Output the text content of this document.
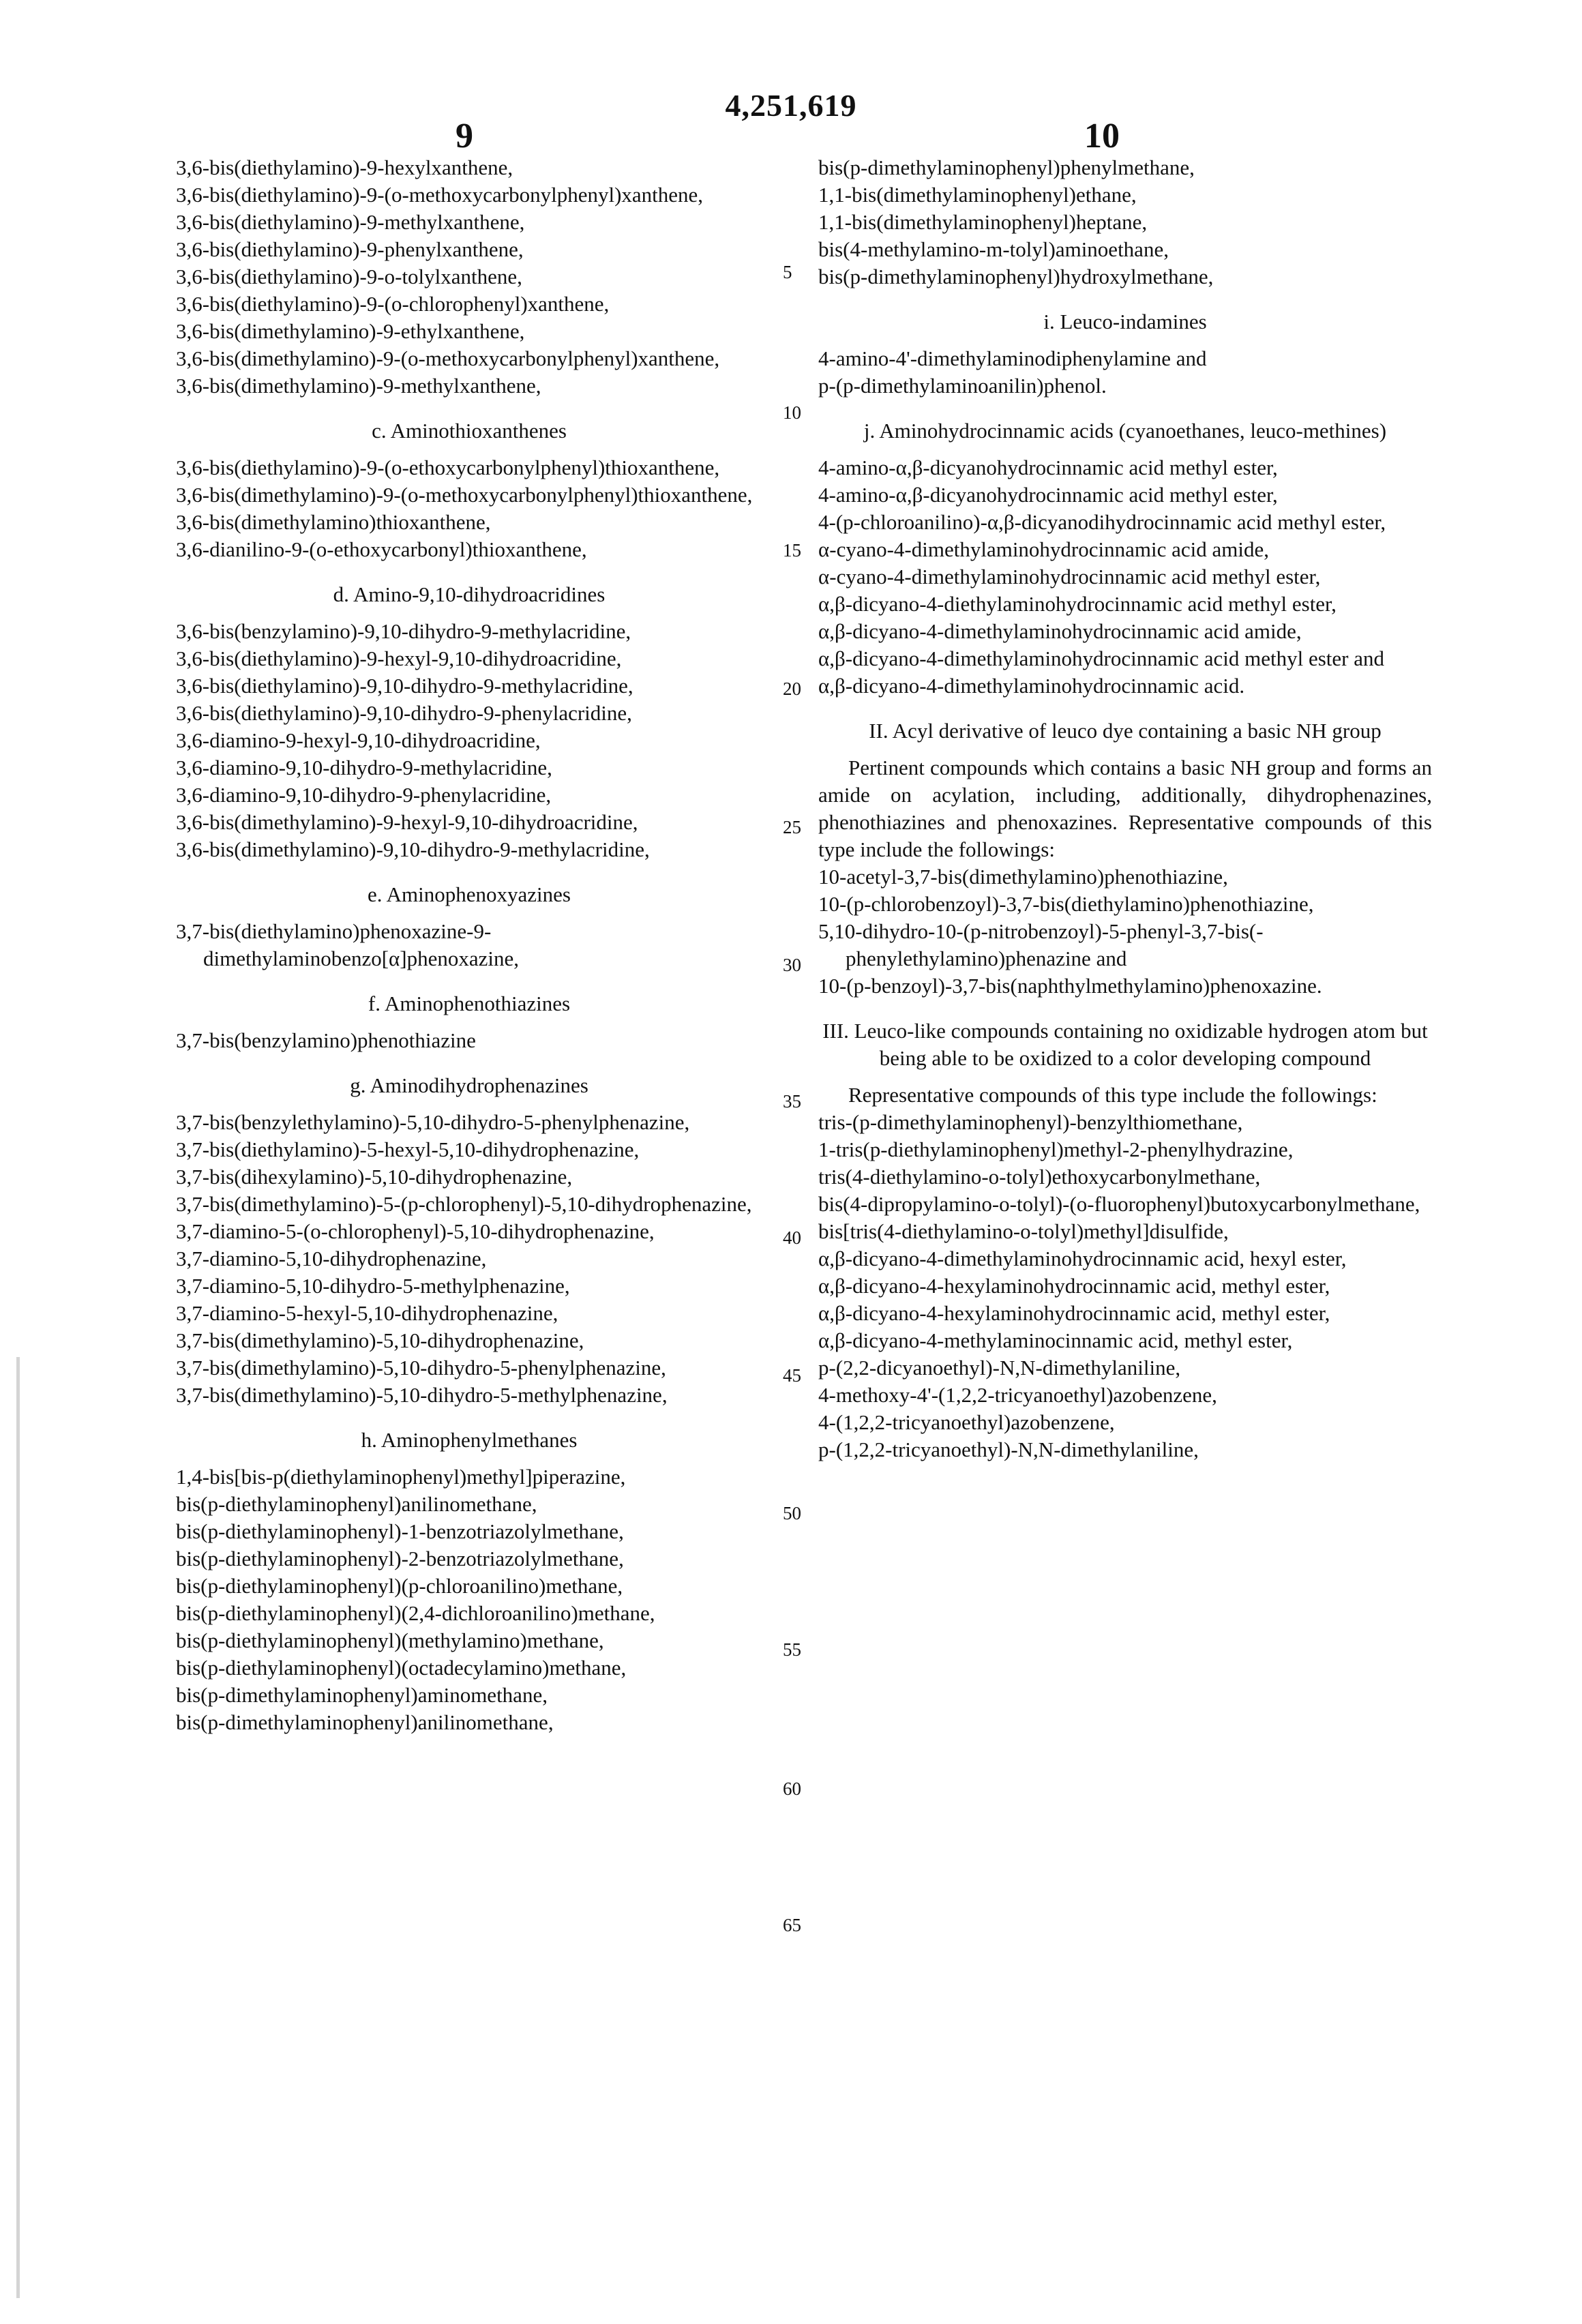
4,251,619
9	10

3,6-bis(diethylamino)-9-hexylxanthene,

3,6-bis(diethylamino)-9-(o-methoxycarbonylphenyl)xanthene,

3,6-bis(diethylamino)-9-methylxanthene,

3,6-bis(diethylamino)-9-phenylxanthene,

3,6-bis(diethylamino)-9-o-tolylxanthene,

3,6-bis(diethylamino)-9-(o-chlorophenyl)xanthene,

3,6-bis(dimethylamino)-9-ethylxanthene,

3,6-bis(dimethylamino)-9-(o-methoxycarbonylphenyl)xanthene,

3,6-bis(dimethylamino)-9-methylxanthene,

c. Aminothioxanthenes

3,6-bis(diethylamino)-9-(o-ethoxycarbonylphenyl)thioxanthene,

3,6-bis(dimethylamino)-9-(o-methoxycarbonylphenyl)thioxanthene,

3,6-bis(dimethylamino)thioxanthene,

3,6-dianilino-9-(o-ethoxycarbonyl)thioxanthene,

d. Amino-9,10-dihydroacridines

3,6-bis(benzylamino)-9,10-dihydro-9-methylacridine,

3,6-bis(diethylamino)-9-hexyl-9,10-dihydroacridine,

3,6-bis(diethylamino)-9,10-dihydro-9-methylacridine,

3,6-bis(diethylamino)-9,10-dihydro-9-phenylacridine,

3,6-diamino-9-hexyl-9,10-dihydroacridine,

3,6-diamino-9,10-dihydro-9-methylacridine,

3,6-diamino-9,10-dihydro-9-phenylacridine,

3,6-bis(dimethylamino)-9-hexyl-9,10-dihydroacridine,

3,6-bis(dimethylamino)-9,10-dihydro-9-methylacridine,

e. Aminophenoxyazines

3,7-bis(diethylamino)phenoxazine-9-dimethylaminobenzo[α]phenoxazine,

f. Aminophenothiazines

3,7-bis(benzylamino)phenothiazine

g. Aminodihydrophenazines

3,7-bis(benzylethylamino)-5,10-dihydro-5-phenylphenazine,

3,7-bis(diethylamino)-5-hexyl-5,10-dihydrophenazine,

3,7-bis(dihexylamino)-5,10-dihydrophenazine,

3,7-bis(dimethylamino)-5-(p-chlorophenyl)-5,10-dihydrophenazine,

3,7-diamino-5-(o-chlorophenyl)-5,10-dihydrophenazine,

3,7-diamino-5,10-dihydrophenazine,

3,7-diamino-5,10-dihydro-5-methylphenazine,

3,7-diamino-5-hexyl-5,10-dihydrophenazine,

3,7-bis(dimethylamino)-5,10-dihydrophenazine,

3,7-bis(dimethylamino)-5,10-dihydro-5-phenylphenazine,

3,7-bis(dimethylamino)-5,10-dihydro-5-methylphenazine,

h. Aminophenylmethanes

1,4-bis[bis-p(diethylaminophenyl)methyl]piperazine,

bis(p-diethylaminophenyl)anilinomethane,

bis(p-diethylaminophenyl)-1-benzotriazolylmethane,

bis(p-diethylaminophenyl)-2-benzotriazolylmethane,

bis(p-diethylaminophenyl)(p-chloroanilino)methane,

bis(p-diethylaminophenyl)(2,4-dichloroanilino)methane,

bis(p-diethylaminophenyl)(methylamino)methane,

bis(p-diethylaminophenyl)(octadecylamino)methane,

bis(p-dimethylaminophenyl)aminomethane,

bis(p-dimethylaminophenyl)anilinomethane,

5
10
15
20
25
30
35
40
45
50
55
60
65

bis(p-dimethylaminophenyl)phenylmethane,

1,1-bis(dimethylaminophenyl)ethane,

1,1-bis(dimethylaminophenyl)heptane,

bis(4-methylamino-m-tolyl)aminoethane,

bis(p-dimethylaminophenyl)hydroxylmethane,

i. Leuco-indamines

4-amino-4'-dimethylaminodiphenylamine and

p-(p-dimethylaminoanilin)phenol.

j. Aminohydrocinnamic acids (cyanoethanes, leuco-methines)

4-amino-α,β-dicyanohydrocinnamic acid methyl ester,

4-amino-α,β-dicyanohydrocinnamic acid methyl ester,

4-(p-chloroanilino)-α,β-dicyanodihydrocinnamic acid methyl ester,

α-cyano-4-dimethylaminohydrocinnamic acid amide,

α-cyano-4-dimethylaminohydrocinnamic acid methyl ester,

α,β-dicyano-4-diethylaminohydrocinnamic acid methyl ester,

α,β-dicyano-4-dimethylaminohydrocinnamic acid amide,

α,β-dicyano-4-dimethylaminohydrocinnamic acid methyl ester and

α,β-dicyano-4-dimethylaminohydrocinnamic acid.

II. Acyl derivative of leuco dye containing a basic NH group

Pertinent compounds which contains a basic NH group and forms an amide on acylation, including, additionally, dihydrophenazines, phenothiazines and phenoxazines. Representative compounds of this type include the followings:

10-acetyl-3,7-bis(dimethylamino)phenothiazine,

10-(p-chlorobenzoyl)-3,7-bis(diethylamino)phenothiazine,

5,10-dihydro-10-(p-nitrobenzoyl)-5-phenyl-3,7-bis(-phenylethylamino)phenazine and

10-(p-benzoyl)-3,7-bis(naphthylmethylamino)phenoxazine.

III. Leuco-like compounds containing no oxidizable hydrogen atom but being able to be oxidized to a color developing compound

Representative compounds of this type include the followings:

tris-(p-dimethylaminophenyl)-benzylthiomethane,

1-tris(p-diethylaminophenyl)methyl-2-phenylhydrazine,

tris(4-diethylamino-o-tolyl)ethoxycarbonylmethane,

bis(4-dipropylamino-o-tolyl)-(o-fluorophenyl)butoxycarbonylmethane,

bis[tris(4-diethylamino-o-tolyl)methyl]disulfide,

α,β-dicyano-4-dimethylaminohydrocinnamic acid, hexyl ester,

α,β-dicyano-4-hexylaminohydrocinnamic acid, methyl ester,

α,β-dicyano-4-hexylaminohydrocinnamic acid, methyl ester,

α,β-dicyano-4-methylaminocinnamic acid, methyl ester,

p-(2,2-dicyanoethyl)-N,N-dimethylaniline,

4-methoxy-4'-(1,2,2-tricyanoethyl)azobenzene,

4-(1,2,2-tricyanoethyl)azobenzene,

p-(1,2,2-tricyanoethyl)-N,N-dimethylaniline,
